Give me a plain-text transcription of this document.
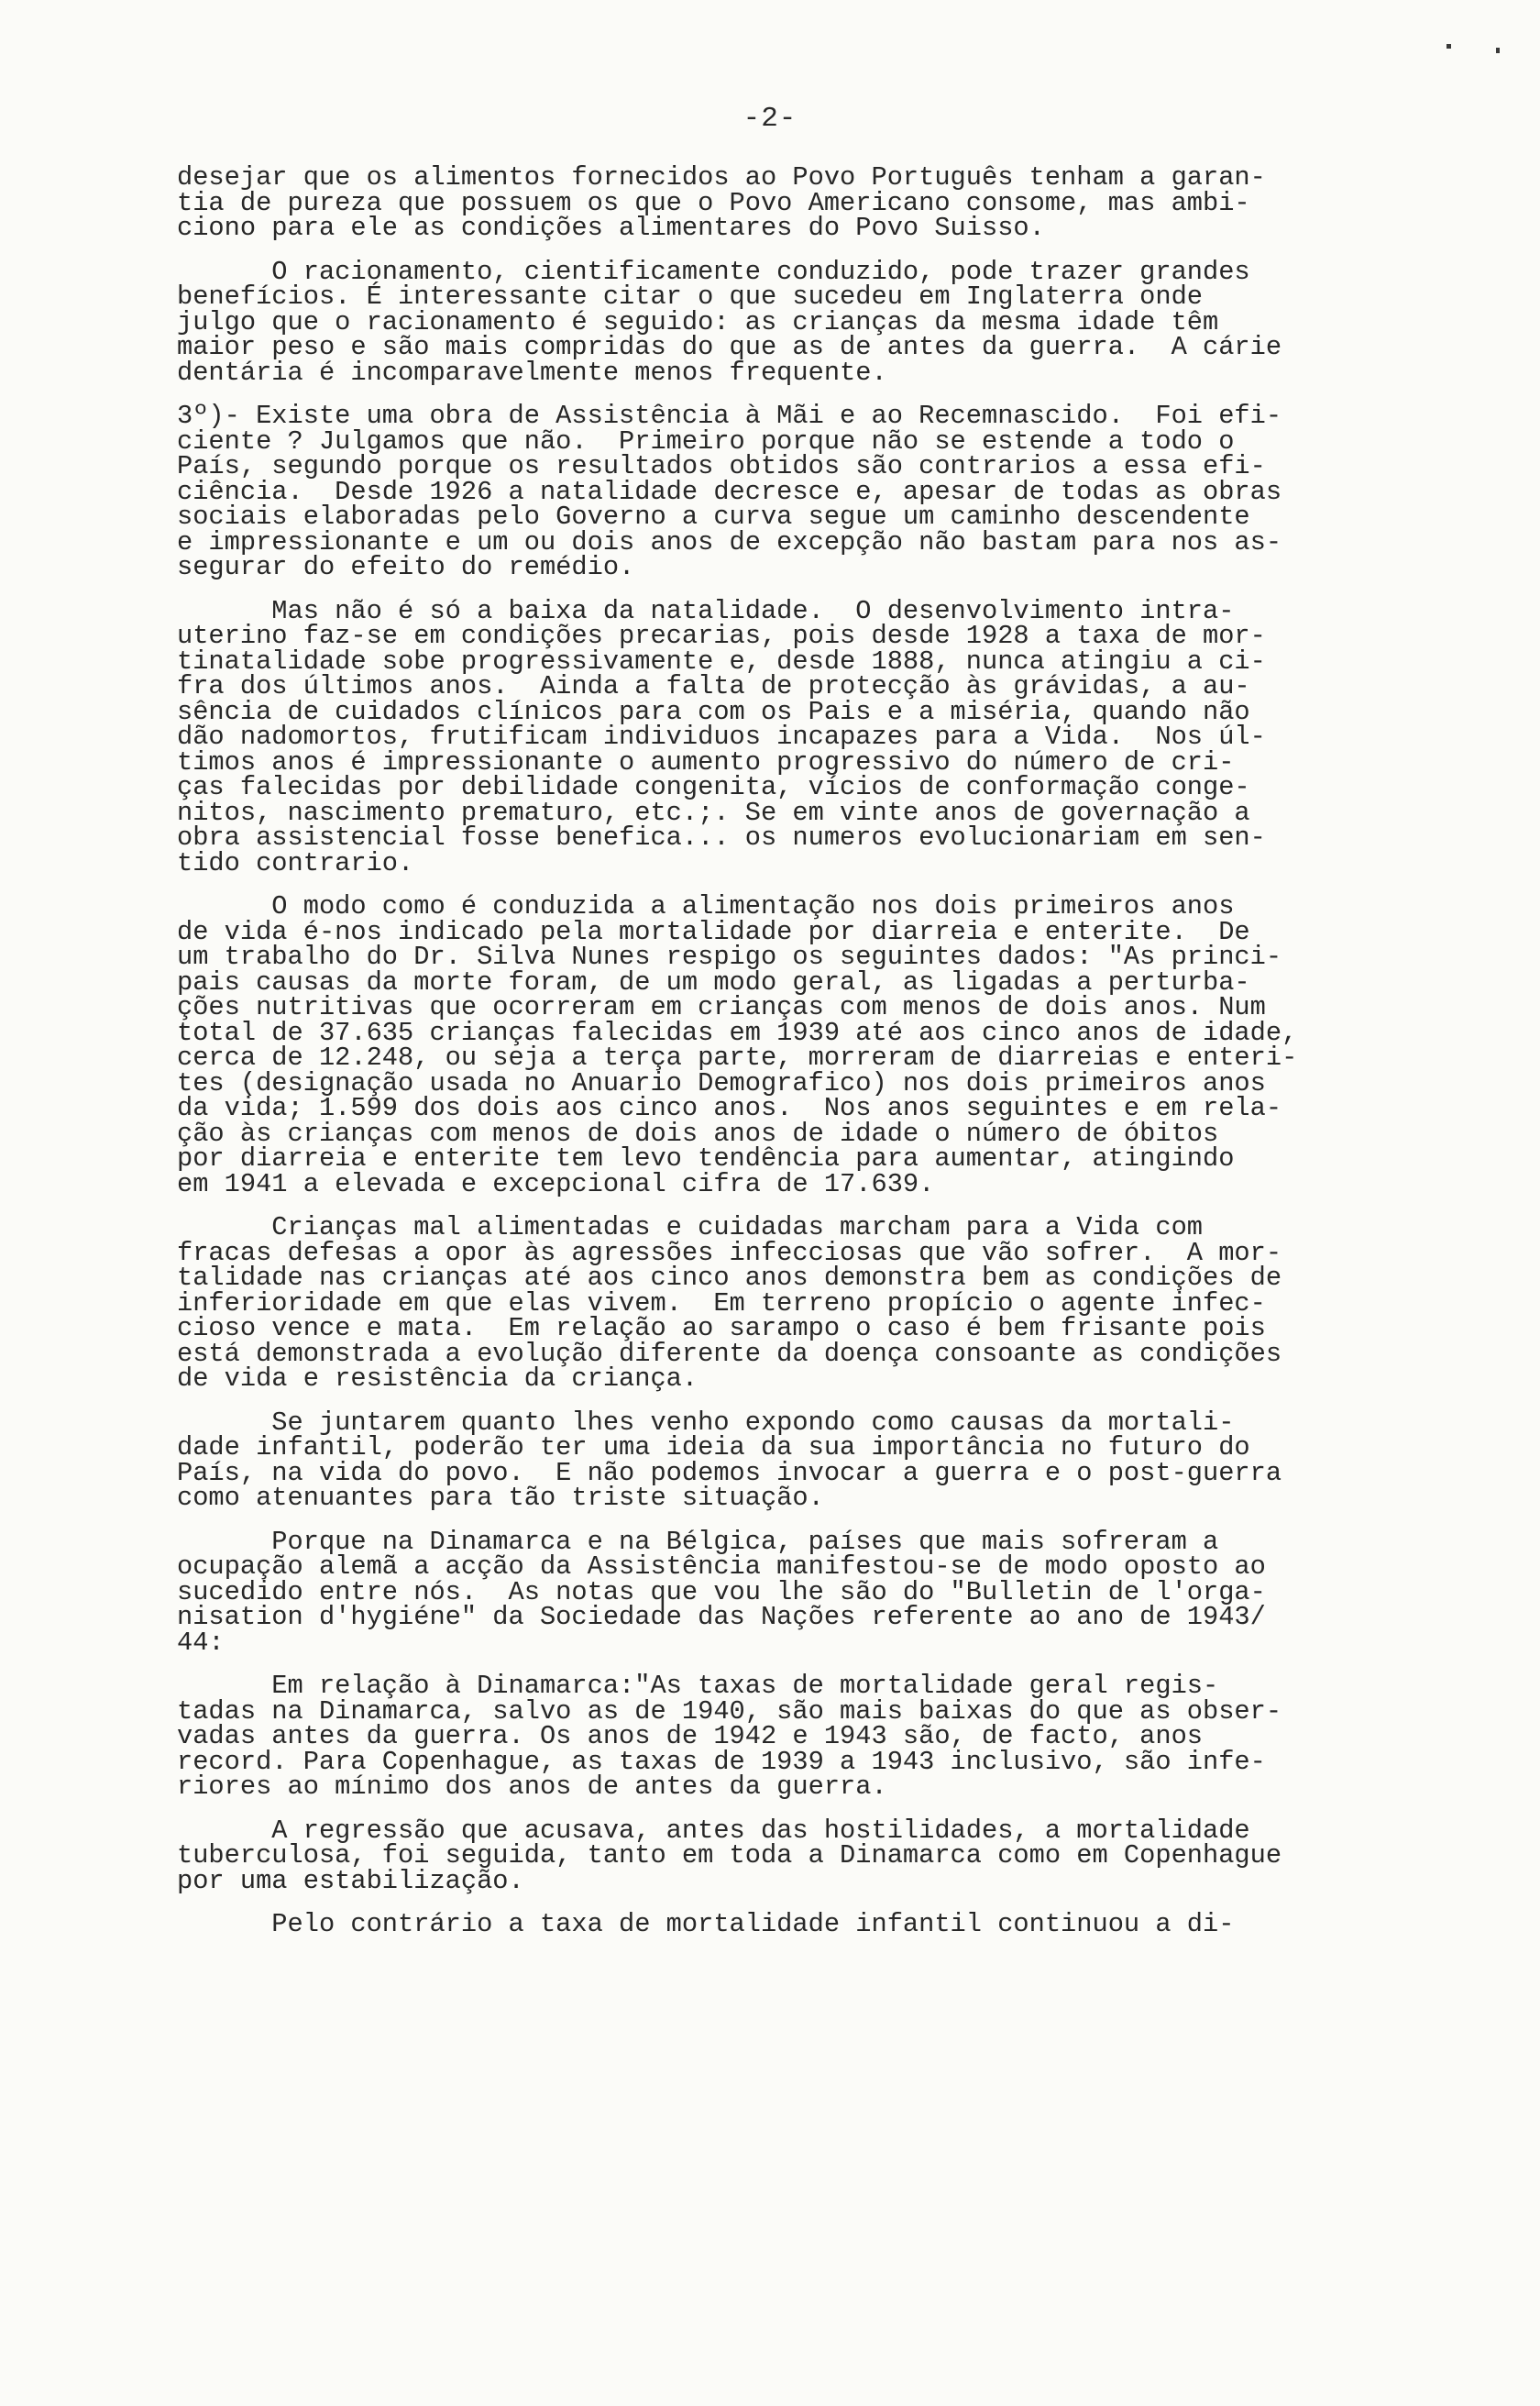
-2-
desejar que os alimentos fornecidos ao Povo Português tenham a garan-
tia de pureza que possuem os que o Povo Americano consome, mas ambi-
ciono para ele as condições alimentares do Povo Suisso.
O racionamento, cientificamente conduzido, pode trazer grandes
benefícios. É interessante citar o que sucedeu em Inglaterra onde
julgo que o racionamento é seguido: as crianças da mesma idade têm
maior peso e são mais compridas do que as de antes da guerra.  A cárie
dentária é incomparavelmente menos frequente.
3º)- Existe uma obra de Assistência à Mãi e ao Recemnascido.  Foi efi-
ciente ? Julgamos que não.  Primeiro porque não se estende a todo o
País, segundo porque os resultados obtidos são contrarios a essa efi-
ciência.  Desde 1926 a natalidade decresce e, apesar de todas as obras
sociais elaboradas pelo Governo a curva segue um caminho descendente
e impressionante e um ou dois anos de excepção não bastam para nos as-
segurar do efeito do remédio.
Mas não é só a baixa da natalidade.  O desenvolvimento intra-
uterino faz-se em condições precarias, pois desde 1928 a taxa de mor-
tinatalidade sobe progressivamente e, desde 1888, nunca atingiu a ci-
fra dos últimos anos.  Ainda a falta de protecção às grávidas, a au-
sência de cuidados clínicos para com os Pais e a miséria, quando não
dão nadomortos, frutificam individuos incapazes para a Vida.  Nos úl-
timos anos é impressionante o aumento progressivo do número de cri-
ças falecidas por debilidade congenita, vícios de conformação conge-
nitos, nascimento prematuro, etc.;. Se em vinte anos de governação a
obra assistencial fosse benefica... os numeros evolucionariam em sen-
tido contrario.
O modo como é conduzida a alimentação nos dois primeiros anos
de vida é-nos indicado pela mortalidade por diarreia e enterite.  De
um trabalho do Dr. Silva Nunes respigo os seguintes dados: "As princi-
pais causas da morte foram, de um modo geral, as ligadas a perturba-
ções nutritivas que ocorreram em crianças com menos de dois anos. Num
total de 37.635 crianças falecidas em 1939 até aos cinco anos de idade,
cerca de 12.248, ou seja a terça parte, morreram de diarreias e enteri-
tes (designação usada no Anuario Demografico) nos dois primeiros anos
da vida; 1.599 dos dois aos cinco anos.  Nos anos seguintes e em rela-
ção às crianças com menos de dois anos de idade o número de óbitos
por diarreia e enterite tem levo tendência para aumentar, atingindo
em 1941 a elevada e excepcional cifra de 17.639.
Crianças mal alimentadas e cuidadas marcham para a Vida com
fracas defesas a opor às agressões infecciosas que vão sofrer.  A mor-
talidade nas crianças até aos cinco anos demonstra bem as condições de
inferioridade em que elas vivem.  Em terreno propício o agente infec-
cioso vence e mata.  Em relação ao sarampo o caso é bem frisante pois
está demonstrada a evolução diferente da doença consoante as condições
de vida e resistência da criança.
Se juntarem quanto lhes venho expondo como causas da mortali-
dade infantil, poderão ter uma ideia da sua importância no futuro do
País, na vida do povo.  E não podemos invocar a guerra e o post-guerra
como atenuantes para tão triste situação.
Porque na Dinamarca e na Bélgica, países que mais sofreram a
ocupação alemã a acção da Assistência manifestou-se de modo oposto ao
sucedido entre nós.  As notas que vou lhe são do "Bulletin de l'orga-
nisation d'hygiéne" da Sociedade das Nações referente ao ano de 1943/
44:
Em relação à Dinamarca:"As taxas de mortalidade geral regis-
tadas na Dinamarca, salvo as de 1940, são mais baixas do que as obser-
vadas antes da guerra. Os anos de 1942 e 1943 são, de facto, anos
record. Para Copenhague, as taxas de 1939 a 1943 inclusivo, são infe-
riores ao mínimo dos anos de antes da guerra.
A regressão que acusava, antes das hostilidades, a mortalidade
tuberculosa, foi seguida, tanto em toda a Dinamarca como em Copenhague
por uma estabilização.
Pelo contrário a taxa de mortalidade infantil continuou a di-
